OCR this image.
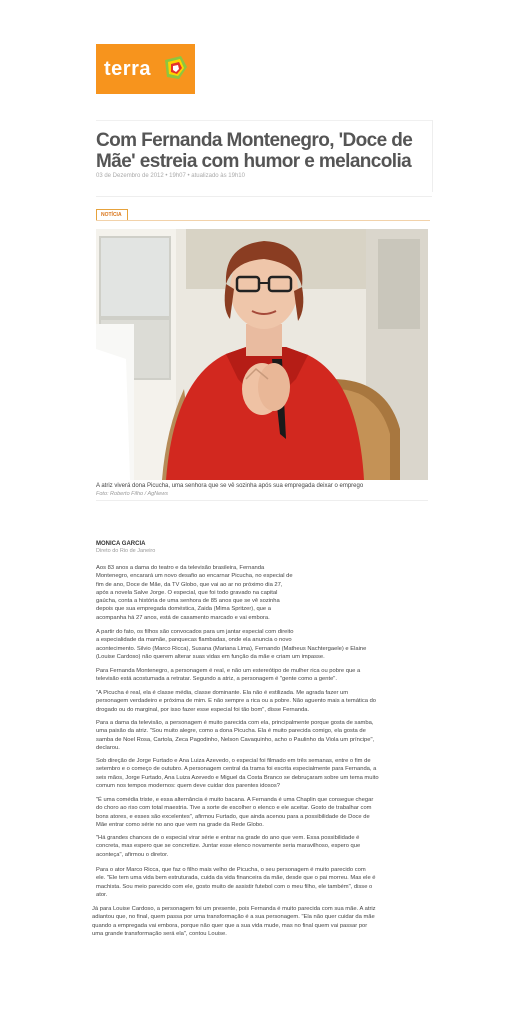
terra
Com Fernanda Montenegro, 'Doce de
Mãe' estreia com humor e melancolia
03 de Dezembro de 2012 • 19h07 • atualizado às 19h10
NOTÍCIA
A atriz viverá dona Picucha, uma senhora que se vê sozinha após sua empregada deixar o emprego
Foto: Roberto Filho / AgNews
MONICA GARCIA
Direto do Rio de Janeiro
Aos 83 anos a dama do teatro e da televisão brasileira, Fernanda
Montenegro, encarará um novo desafio ao encarnar Picucha, no especial de
fim de ano, Doce de Mãe, da TV Globo, que vai ao ar no próximo dia 27,
após a novela Salve Jorge. O especial, que foi todo gravado na capital
gaúcha, conta a história de uma senhora de 85 anos que se vê sozinha
depois que sua empregada doméstica, Zaida (Mima Spritzer), que a
acompanha há 27 anos, está de casamento marcado e vai embora.
A partir do fato, os filhos são convocados para um jantar especial com direito
a especialidade da mamãe, panquecas flambadas, onde ela anuncia o novo
acontecimento. Silvio (Marco Ricca), Susana (Mariana Lima), Fernando (Matheus Nachtergaele) e Elaine
(Louise Cardoso) não querem alterar suas vidas em função da mãe e criam um impasse.
Para Fernanda Montenegro, a personagem é real, e não um estereótipo de mulher rica ou pobre que a
televisão está acostumada a retratar. Segundo a atriz, a personagem é "gente como a gente".
"A Picucha é real, ela é classe média, classe dominante. Ela não é estilizada. Me agrada fazer um
personagem verdadeiro e próxima de mim. E não sempre a rica ou a pobre. Não aguento mais a temática do
drogado ou do marginal, por isso fazer esse especial foi tão bom", disse Fernanda.
Para a dama da televisão, a personagem é muito parecida com ela, principalmente porque gosta de samba,
uma paixão da atriz. "Sou muito alegre, como a dona Picucha. Ela é muito parecida comigo, ela gosta de
samba de Noel Rosa, Cartola, Zeca Pagodinho, Nelson Cavaquinho, acho o Paulinho da Viola um príncipe",
declarou.
Sob direção de Jorge Furtado e Ana Luiza Azevedo, o especial foi filmado em três semanas, entre o fim de
setembro e o começo de outubro. A personagem central da trama foi escrita especialmente para Fernanda, a
seis mãos, Jorge Furtado, Ana Luiza Azevedo e Miguel da Costa Branco se debruçaram sobre um tema muito
comum nos tempos modernos: quem deve cuidar dos parentes idosos?
"É uma comédia triste, e essa alternância é muito bacana. A Fernanda é uma Chaplin que consegue chegar
do choro ao riso com total maestria. Tive a sorte de escolher o elenco e ele aceitar. Gosto de trabalhar com
bons atores, e esses são excelentes", afirmou Furtado, que ainda acenou para a possibilidade de Doce de
Mãe entrar como série no ano que vem na grade da Rede Globo.
"Há grandes chances de o especial virar série e entrar na grade do ano que vem. Essa possibilidade é
concreta, mas espero que se concretize. Juntar esse elenco novamente seria maravilhoso, espero que
aconteça", afirmou o diretor.
Para o ator Marco Ricca, que faz o filho mais velho de Picucha, o seu personagem é muito parecido com
ele. "Ele tem uma vida bem estruturada, cuida da vida financeira da mãe, desde que o pai morreu. Mas ele é
machista. Sou meio parecido com ele, gosto muito de assistir futebol com o meu filho, ele também", disse o
ator.
Já para Louise Cardoso, a personagem foi um presente, pois Fernanda é muito parecida com sua mãe. A atriz
adiantou que, no final, quem passa por uma transformação é a sua personagem. "Ela não quer cuidar da mãe
quando a empregada vai embora, porque não quer que a sua vida mude, mas no final quem vai passar por
uma grande transformação será ela", contou Louise.
